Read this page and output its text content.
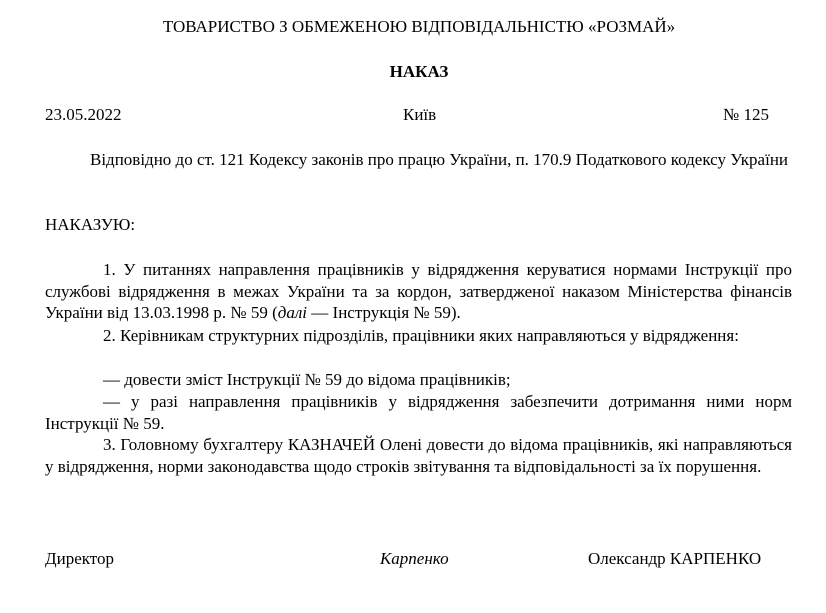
ТОВАРИСТВО З ОБМЕЖЕНОЮ ВІДПОВІДАЛЬНІСТЮ «РОЗМАЙ»
НАКАЗ
23.05.2022	Київ	№ 125
Відповідно до ст. 121 Кодексу законів про працю України, п. 170.9 Податкового кодексу України
НАКАЗУЮ:
1. У питаннях направлення працівників у відрядження керуватися нормами Інструкції про службові відрядження в межах України та за кордон, затвердженої наказом Міністерства фінансів України від 13.03.1998 р. № 59 (далі — Інструкція № 59).
2. Керівникам структурних підрозділів, працівники яких направляються у відрядження:
— довести зміст Інструкції № 59 до відома працівників;
— у разі направлення працівників у відрядження забезпечити дотримання ними норм Інструкції № 59.
3. Головному бухгалтеру КАЗНАЧЕЙ Олені довести до відома працівників, які направляються у відрядження, норми законодавства щодо строків звітування та відповідальності за їх порушення.
Директор	Карпенко	Олександр КАРПЕНКО
